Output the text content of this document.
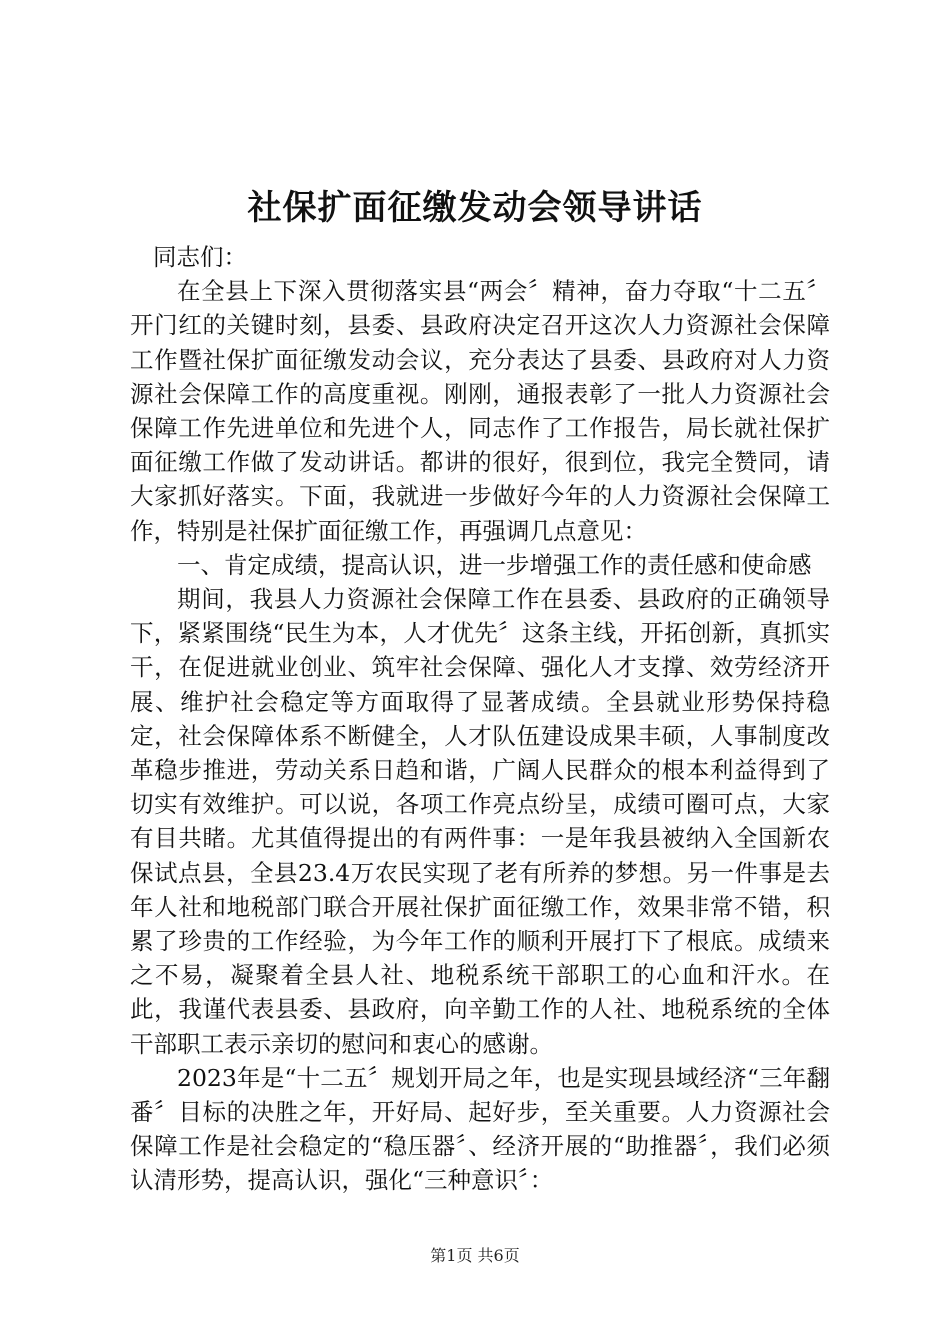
社保扩面征缴发动会领导讲话

同志们：

在全县上下深入贯彻落实县“两会〞精神，奋力夺取“十二五〞开门红的关键时刻，县委、县政府决定召开这次人力资源社会保障工作暨社保扩面征缴发动会议，充分表达了县委、县政府对人力资源社会保障工作的高度重视。刚刚，通报表彰了一批人力资源社会保障工作先进单位和先进个人，同志作了工作报告，局长就社保扩面征缴工作做了发动讲话。都讲的很好，很到位，我完全赞同，请大家抓好落实。下面，我就进一步做好今年的人力资源社会保障工作，特别是社保扩面征缴工作，再强调几点意见：

一、肯定成绩，提高认识，进一步增强工作的责任感和使命感

期间，我县人力资源社会保障工作在县委、县政府的正确领导下，紧紧围绕“民生为本，人才优先〞这条主线，开拓创新，真抓实干，在促进就业创业、筑牢社会保障、强化人才支撑、效劳经济开展、维护社会稳定等方面取得了显著成绩。全县就业形势保持稳定，社会保障体系不断健全，人才队伍建设成果丰硕，人事制度改革稳步推进，劳动关系日趋和谐，广阔人民群众的根本利益得到了切实有效维护。可以说，各项工作亮点纷呈，成绩可圈可点，大家有目共睹。尤其值得提出的有两件事：一是年我县被纳入全国新农保试点县，全县23.4万农民实现了老有所养的梦想。另一件事是去年人社和地税部门联合开展社保扩面征缴工作，效果非常不错，积累了珍贵的工作经验，为今年工作的顺利开展打下了根底。成绩来之不易，凝聚着全县人社、地税系统干部职工的心血和汗水。在此，我谨代表县委、县政府，向辛勤工作的人社、地税系统的全体干部职工表示亲切的慰问和衷心的感谢。

2023年是“十二五〞规划开局之年，也是实现县域经济“三年翻番〞目标的决胜之年，开好局、起好步，至关重要。人力资源社会保障工作是社会稳定的“稳压器〞、经济开展的“助推器〞，我们必须认清形势，提高认识，强化“三种意识〞：

第1页 共6页
